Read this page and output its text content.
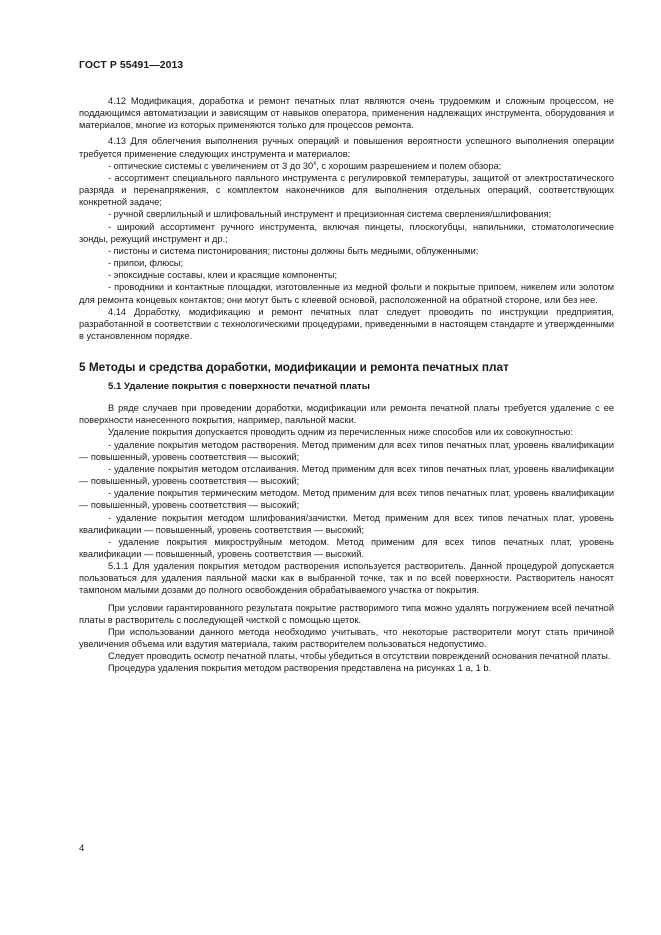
ГОСТ Р 55491—2013

4.12 Модификация, доработка и ремонт печатных плат являются очень трудоемким и сложным процессом, не поддающимся автоматизации и зависящим от навыков оператора, применения надлежащих инструмента, оборудования и материалов, многие из которых применяются только для процессов ремонта.

4.13 Для облегчения выполнения ручных операций и повышения вероятности успешного выполнения операции требуется применение следующих инструмента и материалов:

- оптические системы с увеличением от 3 до $30^х$, с хорошим разрешением и полем обзора;

- ассортимент специального паяльного инструмента с регулировкой температуры, защитой от электростатического разряда и перенапряжения, с комплектом наконечников для выполнения отдельных операций, соответствующих конкретной задаче;

- ручной сверлильный и шлифовальный инструмент и прецизионная система сверления/шлифования;

- широкий ассортимент ручного инструмента, включая пинцеты, плоскогубцы, напильники, стоматологические зонды, режущий инструмент и др.;

- пистоны и система пистонирования; пистоны должны быть медными, облуженными;

- припои, флюсы;

- эпоксидные составы, клеи и красящие компоненты;

- проводники и контактные площадки, изготовленные из медной фольги и покрытые припоем, никелем или золотом для ремонта концевых контактов; они могут быть с клеевой основой, расположенной на обратной стороне, или без нее.

4.14 Доработку, модификацию и ремонт печатных плат следует проводить по инструкции предприятия, разработанной в соответствии с технологическими процедурами, приведенными в настоящем стандарте и утвержденными в установленном порядке.

5 Методы и средства доработки, модификации и ремонта печатных плат
5.1 Удаление покрытия с поверхности печатной платы

В ряде случаев при проведении доработки, модификации или ремонта печатной платы требуется удаление с ее поверхности нанесенного покрытия, например, паяльной маски.

Удаление покрытия допускается проводить одним из перечисленных ниже способов или их совокупностью:

- удаление покрытия методом растворения. Метод применим для всех типов печатных плат, уровень квалификации — повышенный, уровень соответствия — высокий;

- удаление покрытия методом отслаивания. Метод применим для всех типов печатных плат, уровень квалификации — повышенный, уровень соответствия — высокий;

- удаление покрытия термическим методом. Метод применим для всех типов печатных плат, уровень квалификации — повышенный, уровень соответствия — высокий;

- удаление покрытия методом шлифования/зачистки. Метод применим для всех типов печатных плат, уровень квалификации — повышенный, уровень соответствия — высокий;

- удаление покрытия микроструйным методом. Метод применим для всех типов печатных плат, уровень квалификации — повышенный, уровень соответствия — высокий.

5.1.1 Для удаления покрытия методом растворения используется растворитель. Данной процедурой допускается пользоваться для удаления паяльной маски как в выбранной точке, так и по всей поверхности. Растворитель наносят тампоном малыми дозами до полного освобождения обрабатываемого участка от покрытия.

При условии гарантированного результата покрытие растворимого типа можно удалять погружением всей печатной платы в растворитель с последующей чисткой с помощью щеток.

При использовании данного метода необходимо учитывать, что некоторые растворители могут стать причиной увеличения объема или вздутия материала, таким растворителем пользоваться недопустимо.

Следует проводить осмотр печатной платы, чтобы убедиться в отсутствии повреждений основания печатной платы.

Процедура удаления покрытия методом растворения представлена на рисунках 1 a, 1 b.

4
